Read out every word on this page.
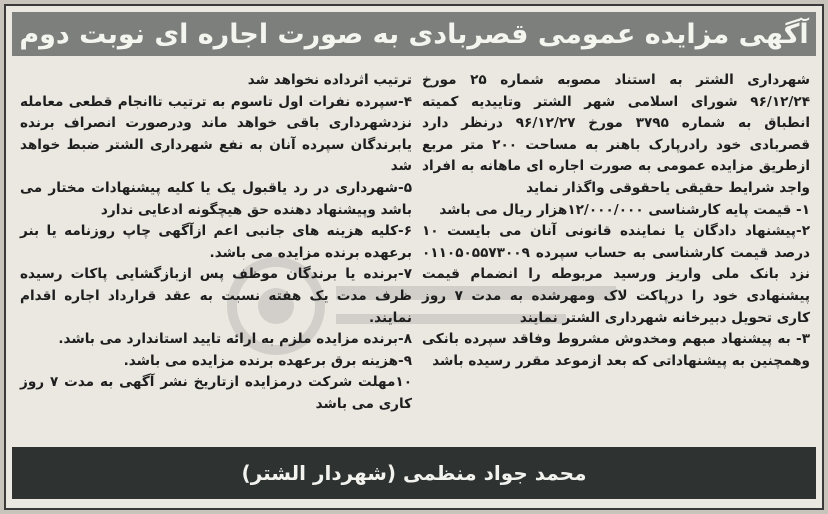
آگهی مزایده عمومی قصربادی به صورت اجاره ای نوبت دوم

شهرداری الشتر به استناد مصوبه شماره ۲۵ مورخ ۹۶/۱۲/۲۴ شورای اسلامی شهر الشتر وتاییدیه کمیته انطباق به شماره ۳۷۹۵ مورخ ۹۶/۱۲/۲۷ درنظر دارد قصربادی خود رادرپارک باهنر به مساحت ۲۰۰ متر مربع ازطریق مزایده عمومی به صورت اجاره ای ماهانه به افراد واجد شرایط حقیقی یاحقوقی واگذار نماید

۱- قیمت پایه کارشناسی ۱۲/۰۰۰/۰۰۰هزار ریال می باشد

۲-پیشنهاد دادگان یا نماینده قانونی آنان می بایست ۱۰ درصد قیمت کارشناسی به حساب سپرده ۰۱۱۰۵۰۵۵۷۳۰۰۹ نزد بانک ملی واریز ورسید مربوطه را انضمام قیمت پیشنهادی خود را درپاکت لاک ومهرشده به مدت ۷ روز کاری تحویل دبیرخانه شهرداری الشتر نمایند

۳- به پیشنهاد مبهم ومخدوش مشروط وفاقد سپرده بانکی وهمچنین به پیشنهاداتی که بعد ازموعد مقرر رسیده باشد

ترتیب اثرداده نخواهد شد

۴-سپرده نفرات اول تاسوم به ترتیب تاانجام قطعی معامله نزدشهرداری باقی خواهد ماند ودرصورت انصراف برنده یابرندگان سپرده آنان به نفع شهرداری الشتر ضبط خواهد شد

۵-شهرداری در رد یاقبول یک یا کلیه پیشنهادات مختار می باشد وپیشنهاد دهنده حق هیچگونه ادعایی ندارد

۶-کلیه هزینه های جانبی اعم ازآگهی چاپ روزنامه یا بنر برعهده برنده مزایده می باشد.

۷-برنده یا برندگان موظف پس ازبازگشایی پاکات رسیده ظرف مدت یک هفته نسبت به عقد قرارداد اجاره اقدام نمایند.

۸-برنده مزایده ملزم به ارائه تایید استاندارد می باشد.

۹-هزینه برق برعهده برنده مزایده می باشد.

۱۰مهلت شرکت درمزایده ازتاریخ نشر آگهی به مدت ۷ روز کاری می باشد

محمد جواد منظمی (شهردار الشتر)
